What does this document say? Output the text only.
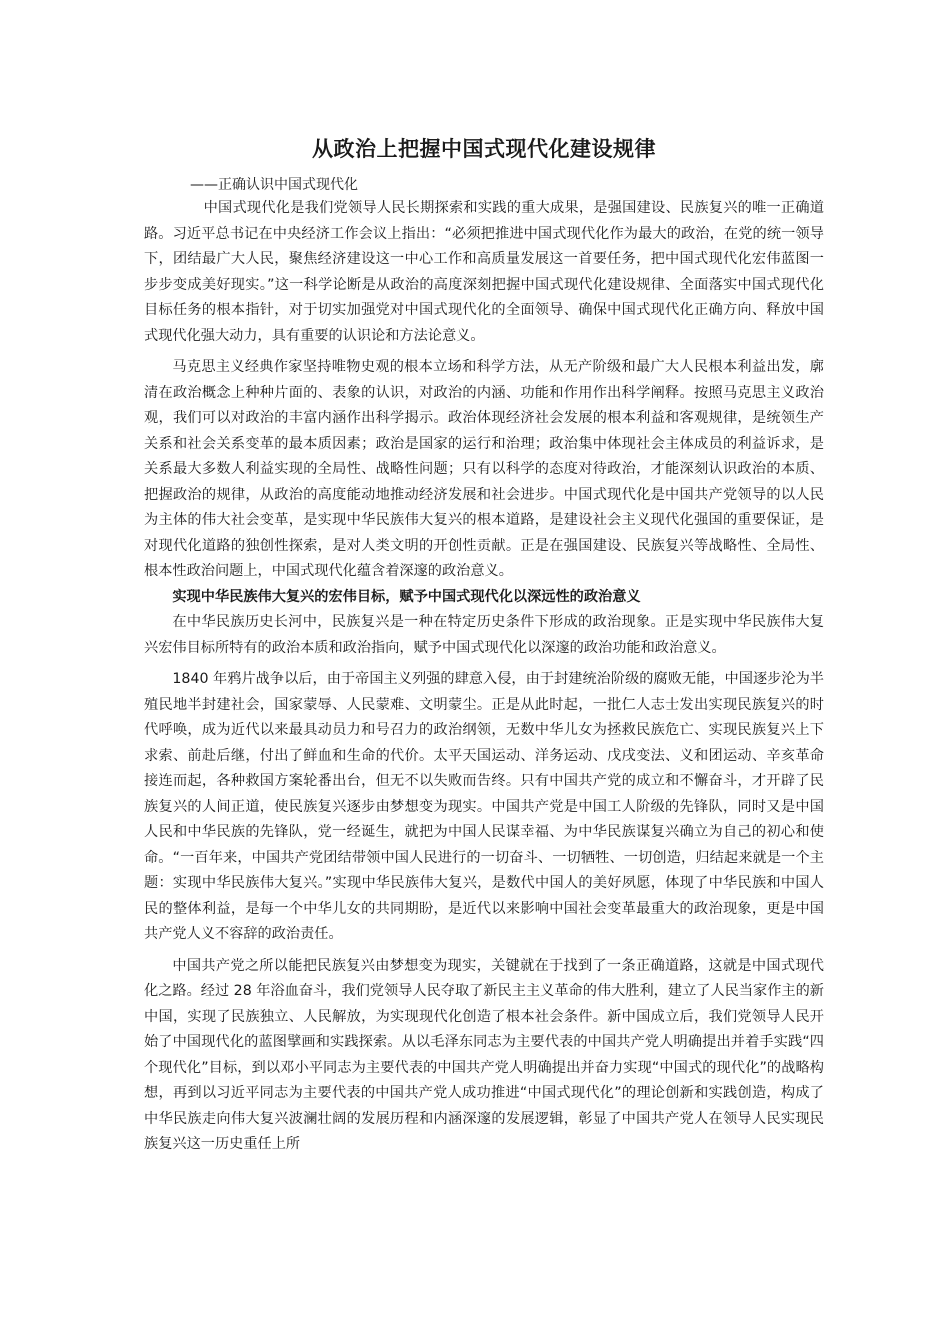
从政治上把握中国式现代化建设规律
——正确认识中国式现代化

中国式现代化是我们党领导人民长期探索和实践的重大成果，是强国建设、民族复兴的唯一正确道路。习近平总书记在中央经济工作会议上指出：“必须把推进中国式现代化作为最大的政治，在党的统一领导下，团结最广大人民，聚焦经济建设这一中心工作和高质量发展这一首要任务，把中国式现代化宏伟蓝图一步步变成美好现实。”这一科学论断是从政治的高度深刻把握中国式现代化建设规律、全面落实中国式现代化目标任务的根本指针，对于切实加强党对中国式现代化的全面领导、确保中国式现代化正确方向、释放中国式现代化强大动力，具有重要的认识论和方法论意义。

马克思主义经典作家坚持唯物史观的根本立场和科学方法，从无产阶级和最广大人民根本利益出发，廓清在政治概念上种种片面的、表象的认识，对政治的内涵、功能和作用作出科学阐释。按照马克思主义政治观，我们可以对政治的丰富内涵作出科学揭示。政治体现经济社会发展的根本利益和客观规律，是统领生产关系和社会关系变革的最本质因素；政治是国家的运行和治理；政治集中体现社会主体成员的利益诉求，是关系最大多数人利益实现的全局性、战略性问题；只有以科学的态度对待政治，才能深刻认识政治的本质、把握政治的规律，从政治的高度能动地推动经济发展和社会进步。中国式现代化是中国共产党领导的以人民为主体的伟大社会变革，是实现中华民族伟大复兴的根本道路，是建设社会主义现代化强国的重要保证，是对现代化道路的独创性探索，是对人类文明的开创性贡献。正是在强国建设、民族复兴等战略性、全局性、根本性政治问题上，中国式现代化蕴含着深邃的政治意义。

实现中华民族伟大复兴的宏伟目标，赋予中国式现代化以深远性的政治意义

在中华民族历史长河中，民族复兴是一种在特定历史条件下形成的政治现象。正是实现中华民族伟大复兴宏伟目标所特有的政治本质和政治指向，赋予中国式现代化以深邃的政治功能和政治意义。

1840 年鸦片战争以后，由于帝国主义列强的肆意入侵，由于封建统治阶级的腐败无能，中国逐步沦为半殖民地半封建社会，国家蒙辱、人民蒙难、文明蒙尘。正是从此时起，一批仁人志士发出实现民族复兴的时代呼唤，成为近代以来最具动员力和号召力的政治纲领，无数中华儿女为拯救民族危亡、实现民族复兴上下求索、前赴后继，付出了鲜血和生命的代价。太平天国运动、洋务运动、戊戌变法、义和团运动、辛亥革命接连而起，各种救国方案轮番出台，但无不以失败而告终。只有中国共产党的成立和不懈奋斗，才开辟了民族复兴的人间正道，使民族复兴逐步由梦想变为现实。中国共产党是中国工人阶级的先锋队，同时又是中国人民和中华民族的先锋队，党一经诞生，就把为中国人民谋幸福、为中华民族谋复兴确立为自己的初心和使命。“一百年来，中国共产党团结带领中国人民进行的一切奋斗、一切牺牲、一切创造，归结起来就是一个主题：实现中华民族伟大复兴。”实现中华民族伟大复兴，是数代中国人的美好夙愿，体现了中华民族和中国人民的整体利益，是每一个中华儿女的共同期盼，是近代以来影响中国社会变革最重大的政治现象，更是中国共产党人义不容辞的政治责任。

中国共产党之所以能把民族复兴由梦想变为现实，关键就在于找到了一条正确道路，这就是中国式现代化之路。经过 28 年浴血奋斗，我们党领导人民夺取了新民主主义革命的伟大胜利，建立了人民当家作主的新中国，实现了民族独立、人民解放，为实现现代化创造了根本社会条件。新中国成立后，我们党领导人民开始了中国现代化的蓝图擘画和实践探索。从以毛泽东同志为主要代表的中国共产党人明确提出并着手实践“四个现代化”目标，到以邓小平同志为主要代表的中国共产党人明确提出并奋力实现“中国式的现代化”的战略构想，再到以习近平同志为主要代表的中国共产党人成功推进“中国式现代化”的理论创新和实践创造，构成了中华民族走向伟大复兴波澜壮阔的发展历程和内涵深邃的发展逻辑，彰显了中国共产党人在领导人民实现民族复兴这一历史重任上所
